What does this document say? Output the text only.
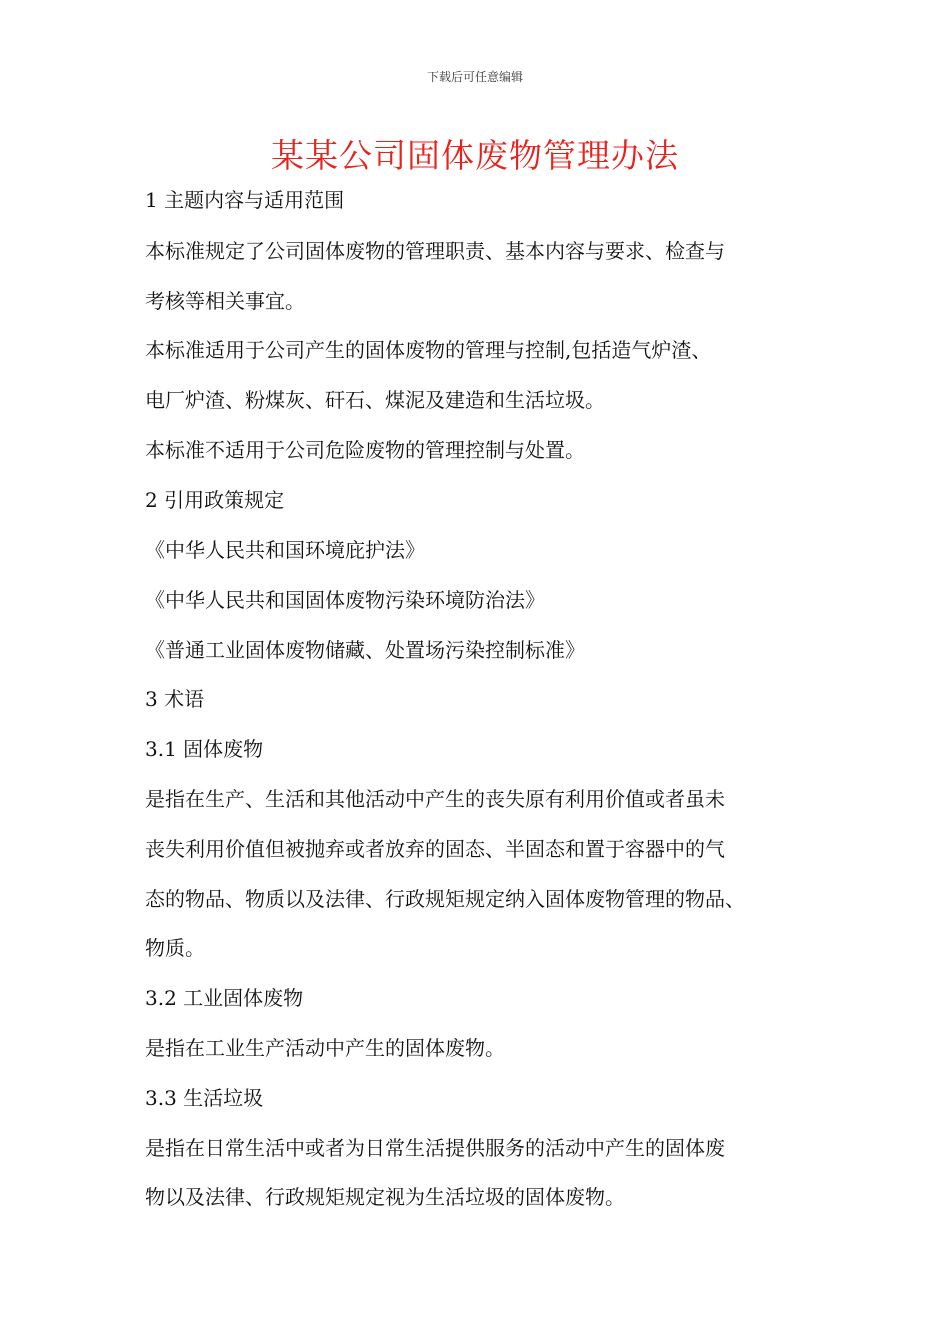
下载后可任意编辑
某某公司固体废物管理办法
1 主题内容与适用范围
本标准规定了公司固体废物的管理职责、基本内容与要求、检查与
考核等相关事宜。
本标准适用于公司产生的固体废物的管理与控制,包括造气炉渣、
电厂炉渣、粉煤灰、矸石、煤泥及建造和生活垃圾。
本标准不适用于公司危险废物的管理控制与处置。
2 引用政策规定
《中华人民共和国环境庇护法》
《中华人民共和国固体废物污染环境防治法》
《普通工业固体废物储藏、处置场污染控制标准》
3 术语
3.1 固体废物
是指在生产、生活和其他活动中产生的丧失原有利用价值或者虽未
丧失利用价值但被抛弃或者放弃的固态、半固态和置于容器中的气
态的物品、物质以及法律、行政规矩规定纳入固体废物管理的物品、
物质。
3.2 工业固体废物
是指在工业生产活动中产生的固体废物。
3.3 生活垃圾
是指在日常生活中或者为日常生活提供服务的活动中产生的固体废
物以及法律、行政规矩规定视为生活垃圾的固体废物。
